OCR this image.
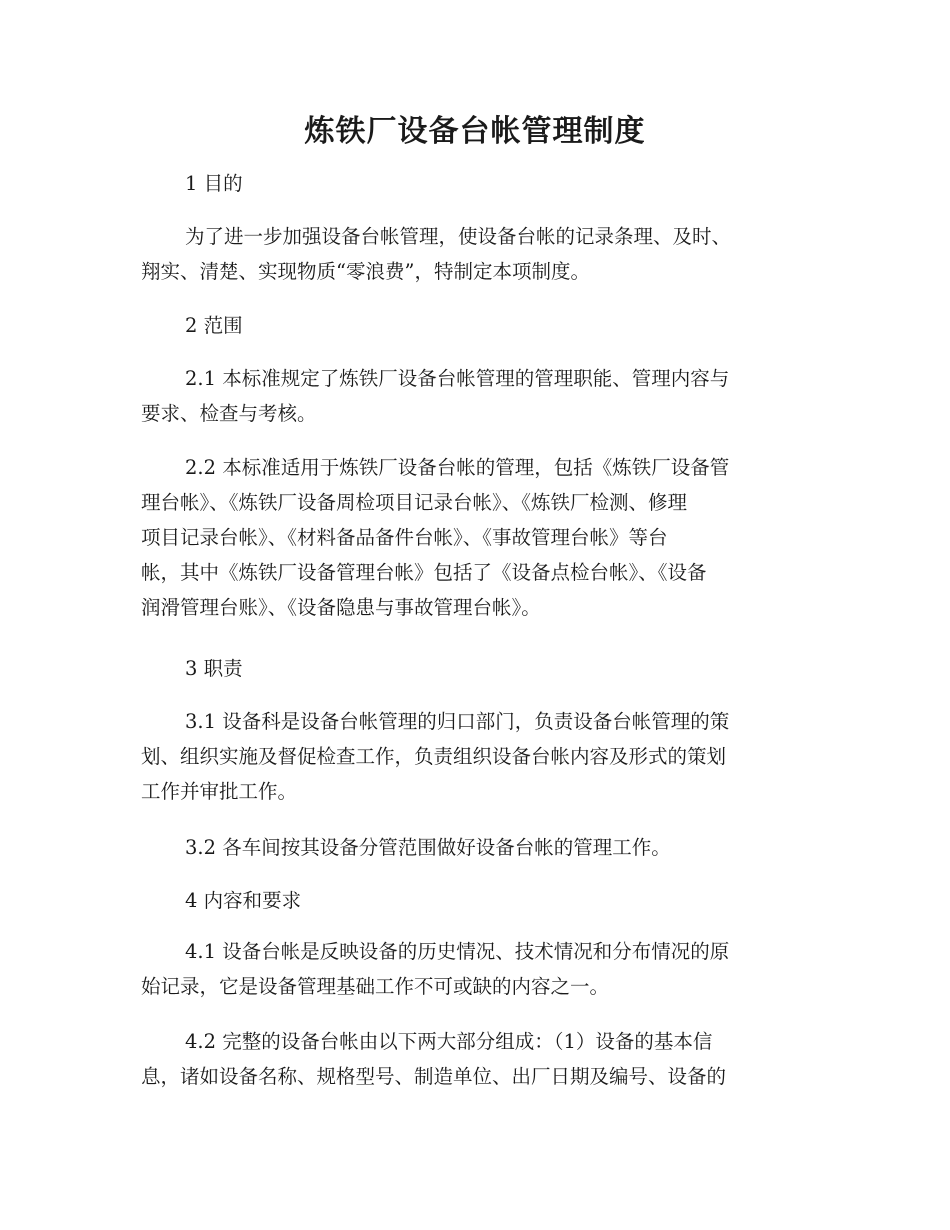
炼铁厂设备台帐管理制度
1 目的
为了进一步加强设备台帐管理，使设备台帐的记录条理、及时、
翔实、清楚、实现物质“零浪费”，特制定本项制度。
2 范围
2.1 本标准规定了炼铁厂设备台帐管理的管理职能、管理内容与
要求、检查与考核。
2.2 本标准适用于炼铁厂设备台帐的管理，包括《炼铁厂设备管
理台帐》、《炼铁厂设备周检项目记录台帐》、《炼铁厂检测、修理
项目记录台帐》、《材料备品备件台帐》、《事故管理台帐》等台
帐，其中《炼铁厂设备管理台帐》包括了《设备点检台帐》、《设备
润滑管理台账》、《设备隐患与事故管理台帐》。
3 职责
3.1 设备科是设备台帐管理的归口部门，负责设备台帐管理的策
划、组织实施及督促检查工作，负责组织设备台帐内容及形式的策划
工作并审批工作。
3.2 各车间按其设备分管范围做好设备台帐的管理工作。
4 内容和要求
4.1 设备台帐是反映设备的历史情况、技术情况和分布情况的原
始记录，它是设备管理基础工作不可或缺的内容之一。
4.2 完整的设备台帐由以下两大部分组成：（1）设备的基本信
息，诸如设备名称、规格型号、制造单位、出厂日期及编号、设备的
